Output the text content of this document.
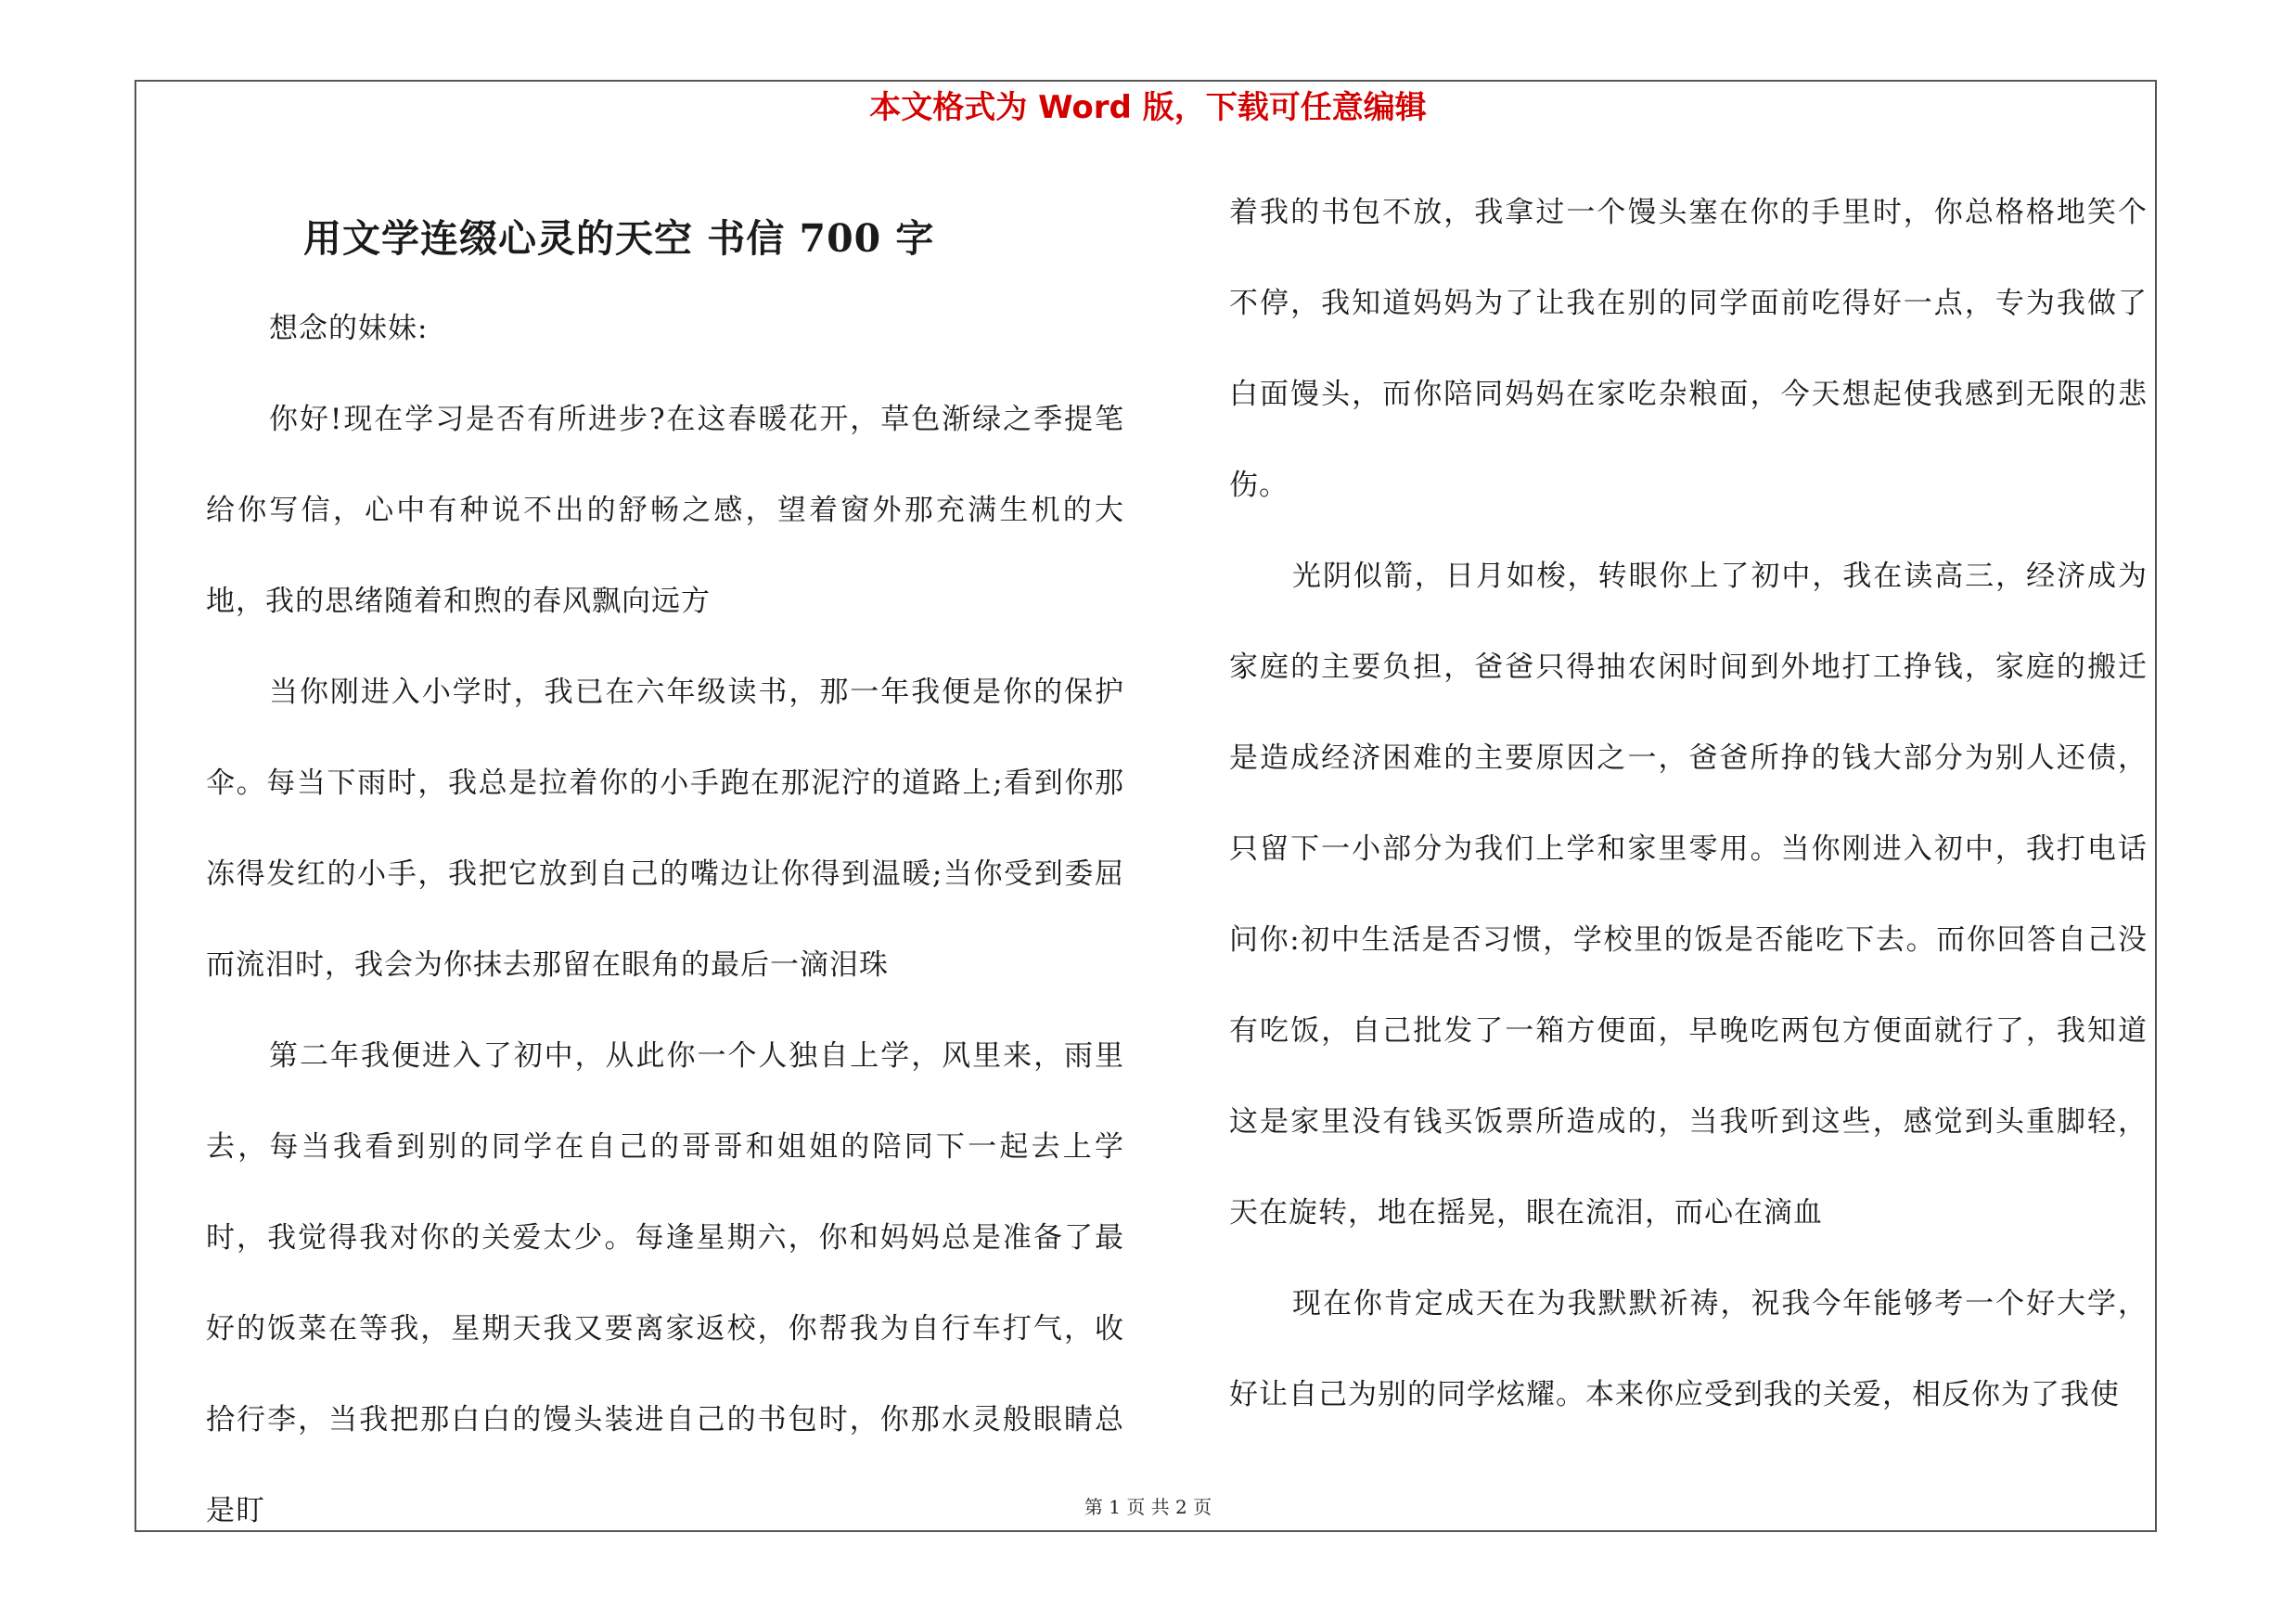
本文格式为 Word 版，下载可任意编辑
用文学连缀心灵的天空 书信 700 字

想念的妹妹:

你好!现在学习是否有所进步?在这春暖花开，草色渐绿之季提笔给你写信，心中有种说不出的舒畅之感，望着窗外那充满生机的大地，我的思绪随着和煦的春风飘向远方

当你刚进入小学时，我已在六年级读书，那一年我便是你的保护伞。每当下雨时，我总是拉着你的小手跑在那泥泞的道路上;看到你那冻得发红的小手，我把它放到自己的嘴边让你得到温暖;当你受到委屈而流泪时，我会为你抹去那留在眼角的最后一滴泪珠

第二年我便进入了初中，从此你一个人独自上学，风里来，雨里去，每当我看到别的同学在自己的哥哥和姐姐的陪同下一起去上学时，我觉得我对你的关爱太少。每逢星期六，你和妈妈总是准备了最好的饭菜在等我，星期天我又要离家返校，你帮我为自行车打气，收拾行李，当我把那白白的馒头装进自己的书包时，你那水灵般眼睛总是盯

着我的书包不放，我拿过一个馒头塞在你的手里时，你总格格地笑个不停，我知道妈妈为了让我在别的同学面前吃得好一点，专为我做了白面馒头，而你陪同妈妈在家吃杂粮面，今天想起使我感到无限的悲伤。

光阴似箭，日月如梭，转眼你上了初中，我在读高三，经济成为家庭的主要负担，爸爸只得抽农闲时间到外地打工挣钱，家庭的搬迁是造成经济困难的主要原因之一，爸爸所挣的钱大部分为别人还债，只留下一小部分为我们上学和家里零用。当你刚进入初中，我打电话问你:初中生活是否习惯，学校里的饭是否能吃下去。而你回答自己没有吃饭，自己批发了一箱方便面，早晚吃两包方便面就行了，我知道这是家里没有钱买饭票所造成的，当我听到这些，感觉到头重脚轻，天在旋转，地在摇晃，眼在流泪，而心在滴血

现在你肯定成天在为我默默祈祷，祝我今年能够考一个好大学，好让自己为别的同学炫耀。本来你应受到我的关爱，相反你为了我使

第 1 页 共 2 页
